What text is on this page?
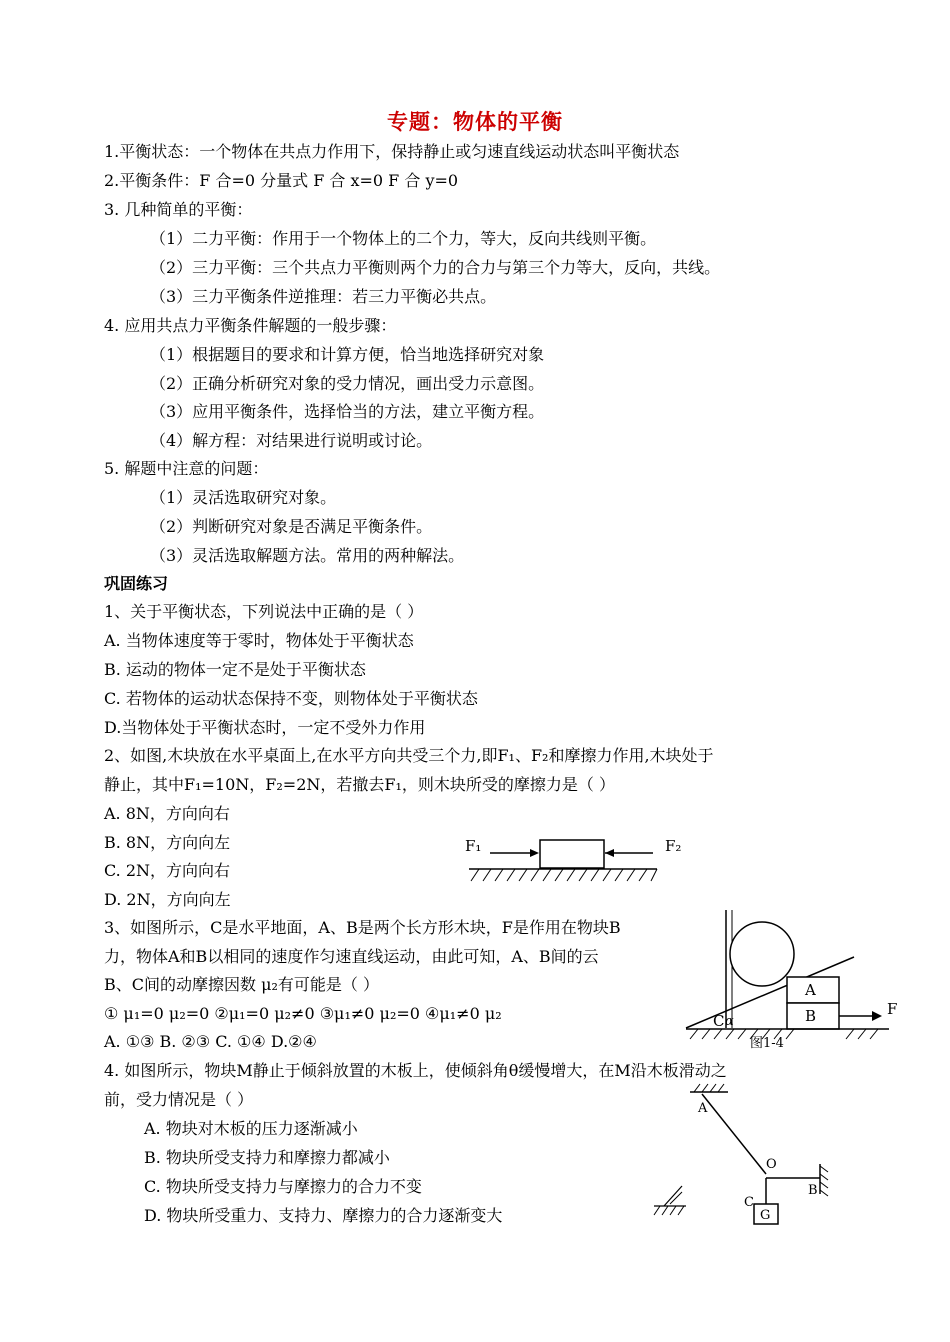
专题：物体的平衡
1.平衡状态：一个物体在共点力作用下，保持静止或匀速直线运动状态叫平衡状态
2.平衡条件：F 合=0 分量式 F 合 x=0 F 合 y=0
3. 几种简单的平衡：
（1）二力平衡：作用于一个物体上的二个力，等大，反向共线则平衡。
（2）三力平衡：三个共点力平衡则两个力的合力与第三个力等大，反向，共线。
（3）三力平衡条件逆推理：若三力平衡必共点。
4. 应用共点力平衡条件解题的一般步骤：
（1）根据题目的要求和计算方便，恰当地选择研究对象
（2）正确分析研究对象的受力情况，画出受力示意图。
（3）应用平衡条件，选择恰当的方法，建立平衡方程。
（4）解方程：对结果进行说明或讨论。
5. 解题中注意的问题：
（1）灵活选取研究对象。
（2）判断研究对象是否满足平衡条件。
（3）灵活选取解题方法。常用的两种解法。
巩固练习
1、关于平衡状态，下列说法中正确的是（ ）
A. 当物体速度等于零时，物体处于平衡状态
B. 运动的物体一定不是处于平衡状态
C. 若物体的运动状态保持不变，则物体处于平衡状态
D.当物体处于平衡状态时，一定不受外力作用
2、如图,木块放在水平桌面上,在水平方向共受三个力,即F₁、F₂和摩擦力作用,木块处于
静止，其中F₁=10N，F₂=2N，若撤去F₁，则木块所受的摩擦力是（ ）
A. 8N，方向向右
B. 8N，方向向左
C. 2N，方向向右
D. 2N，方向向左
F₁	F₂
3、如图所示，C是水平地面，A、B是两个长方形木块，F是作用在物块B
力，物体A和B以相同的速度作匀速直线运动，由此可知，A、B间的云
B、C间的动摩擦因数 μ₂有可能是（ ）
① μ₁=0 μ₂=0 ②μ₁=0 μ₂≠0 ③μ₁≠0 μ₂=0 ④μ₁≠0 μ₂
A. ①③ B. ②③ C. ①④ D.②④
C α
A
B	F
图1-4
4. 如图所示，物块M静止于倾斜放置的木板上，使倾斜角θ缓慢增大，在M沿木板滑动之
前，受力情况是（ ）
A. 物块对木板的压力逐渐减小
B. 物块所受支持力和摩擦力都减小
C. 物块所受支持力与摩擦力的合力不变
D. 物块所受重力、支持力、摩擦力的合力逐渐变大
A
O
B
C
G
